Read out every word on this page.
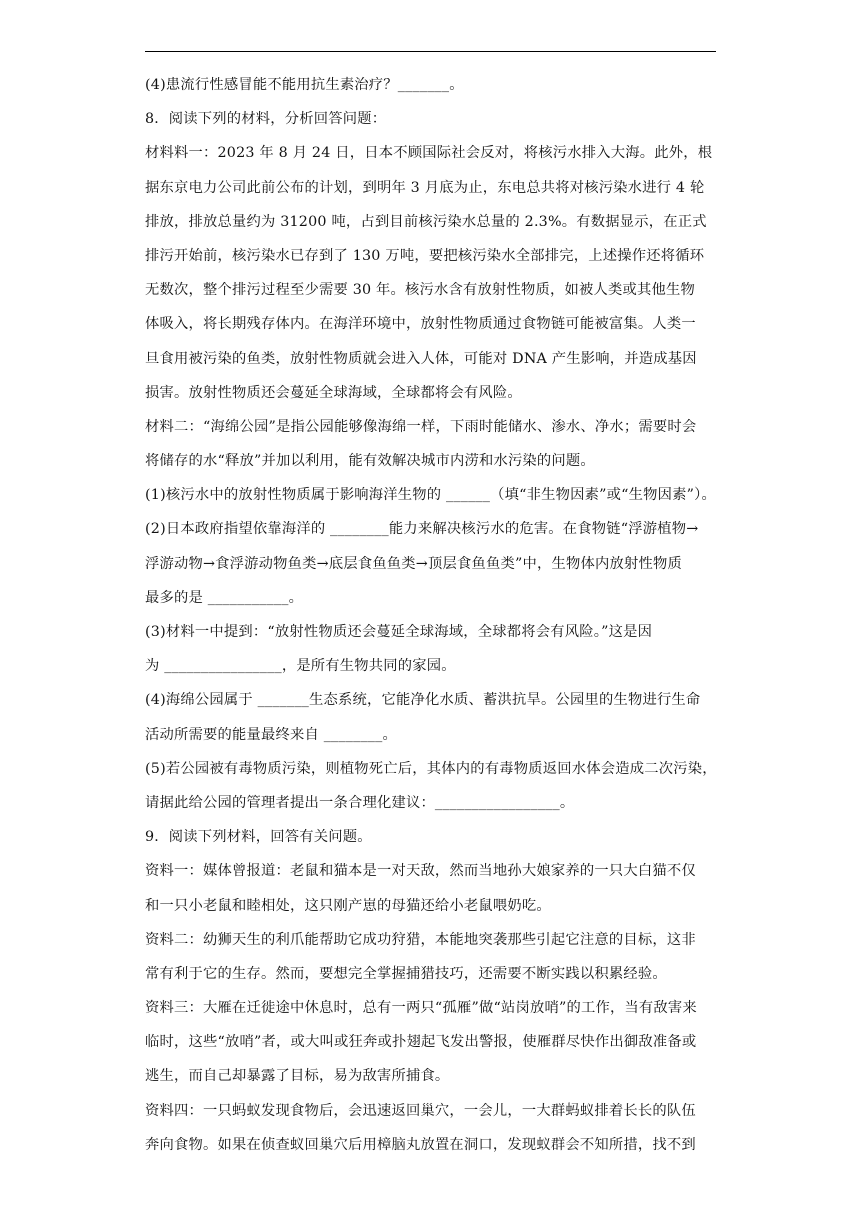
(4)患流行性感冒能不能用抗生素治疗？_______。
8．阅读下列的材料，分析回答问题：
材料料一：2023 年 8 月 24 日，日本不顾国际社会反对，将核污水排入大海。此外，根
据东京电力公司此前公布的计划，到明年 3 月底为止，东电总共将对核污染水进行 4 轮
排放，排放总量约为 31200 吨，占到目前核污染水总量的 2.3%。有数据显示，在正式
排污开始前，核污染水已存到了 130 万吨，要把核污染水全部排完，上述操作还将循环
无数次，整个排污过程至少需要 30 年。核污水含有放射性物质，如被人类或其他生物
体吸入，将长期残存体内。在海洋环境中，放射性物质通过食物链可能被富集。人类一
旦食用被污染的鱼类，放射性物质就会进入人体，可能对 DNA 产生影响，并造成基因
损害。放射性物质还会蔓延全球海域，全球都将会有风险。
材料二：“海绵公园”是指公园能够像海绵一样，下雨时能储水、渗水、净水；需要时会
将储存的水“释放”并加以利用，能有效解决城市内涝和水污染的问题。
(1)核污水中的放射性物质属于影响海洋生物的 ______（填“非生物因素”或“生物因素”）。
(2)日本政府指望依靠海洋的 ________能力来解决核污水的危害。在食物链“浮游植物→
浮游动物→食浮游动物鱼类→底层食鱼鱼类→顶层食鱼鱼类”中，生物体内放射性物质
最多的是 ___________。
(3)材料一中提到：“放射性物质还会蔓延全球海域，全球都将会有风险。”这是因
为 ________________，是所有生物共同的家园。
(4)海绵公园属于 _______生态系统，它能净化水质、蓄洪抗旱。公园里的生物进行生命
活动所需要的能量最终来自 ________。
(5)若公园被有毒物质污染，则植物死亡后，其体内的有毒物质返回水体会造成二次污染，
请据此给公园的管理者提出一条合理化建议：_________________。
9．阅读下列材料，回答有关问题。
资料一：媒体曾报道：老鼠和猫本是一对天敌，然而当地孙大娘家养的一只大白猫不仅
和一只小老鼠和睦相处，这只刚产崽的母猫还给小老鼠喂奶吃。
资料二：幼狮天生的利爪能帮助它成功狩猎，本能地突袭那些引起它注意的目标，这非
常有利于它的生存。然而，要想完全掌握捕猎技巧，还需要不断实践以积累经验。
资料三：大雁在迁徙途中休息时，总有一两只“孤雁”做“站岗放哨”的工作，当有敌害来
临时，这些“放哨”者，或大叫或狂奔或扑翅起飞发出警报，使雁群尽快作出御敌准备或
逃生，而自己却暴露了目标，易为敌害所捕食。
资料四：一只蚂蚁发现食物后，会迅速返回巢穴，一会儿，一大群蚂蚁排着长长的队伍
奔向食物。如果在侦查蚁回巢穴后用樟脑丸放置在洞口，发现蚁群会不知所措，找不到
